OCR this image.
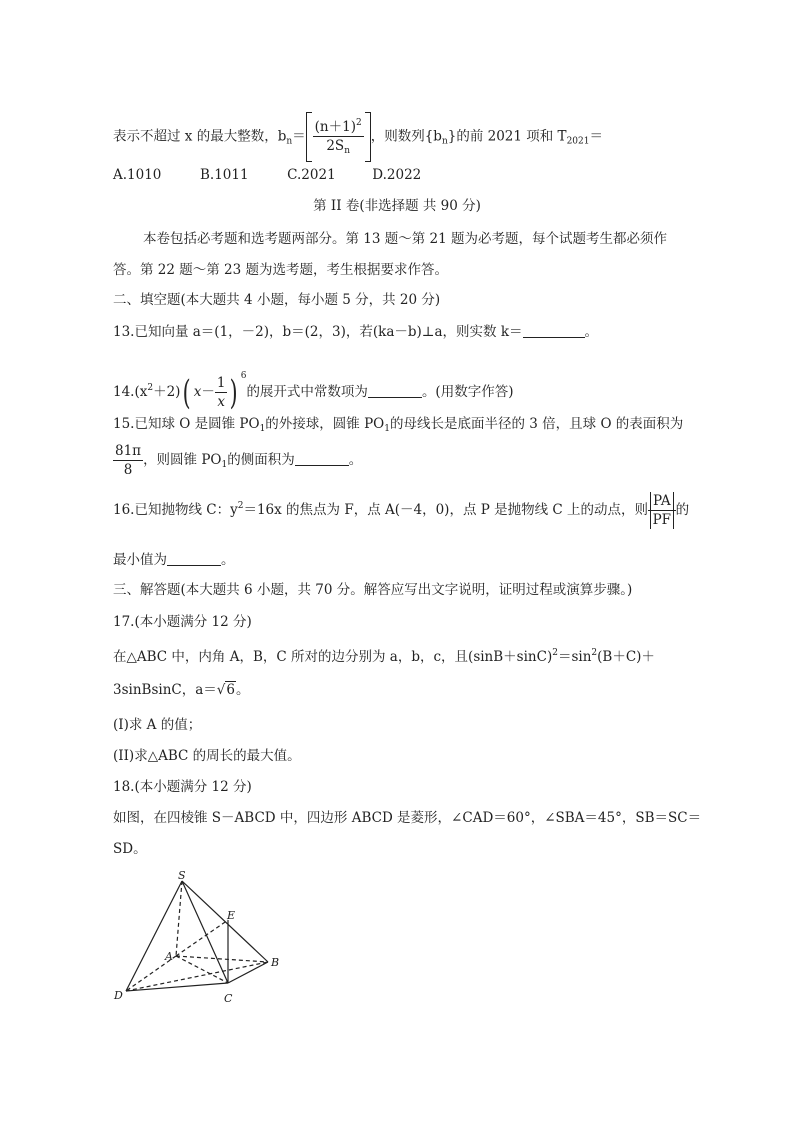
表示不超过 x 的最大整数，$b_n= \frac{(n+1)^2}{2S_n}$ ，则数列$\{b_n\}$的前 2021 项和 $T_{2021}=$
A.1010	B.1011	C.2021	D.2022
第 II 卷(非选择题 共 90 分)
本卷包括必考题和选考题两部分。第 13 题～第 21 题为必考题，每个试题考生都必须作
答。第 22 题～第 23 题为选考题，考生根据要求作答。
二、填空题(本大题共 4 小题，每小题 5 分，共 20 分)
13.已知向量 a＝(1，－2)，b＝(2，3)，若(ka－b)⊥a，则实数 k＝	。
$14.(x^2+2)$( $x- \frac{1}{x}$ ) $^6$的展开式中常数项为	。(用数字作答)
15.已知球 O 是圆锥 $PO_1$的外接球，圆锥 $PO_1$的母线长是底面半径的 3 倍，且球 O 的表面积为
$\frac{81\pi}{8}$ ，则圆锥 $PO_1$的侧面积为	。
16.已知抛物线 C：$y^2=16x$ 的焦点为 F，点 A(－4，0)，点 P 是抛物线 C 上的动点，则 $\frac{PA}{PF}$ 的
最小值为	。
三、解答题(本大题共 6 小题，共 70 分。解答应写出文字说明，证明过程或演算步骤。)
17.(本小题满分 12 分)
在△ABC 中，内角 A，B，C 所对的边分别为 a，b，c，且$(\sin B+\sin C)^2=\sin^2(B+C)+$
3sinBsinC，a＝√6。
(I)求 A 的值；
(II)求△ABC 的周长的最大值。
18.(本小题满分 12 分)
如图，在四棱锥 S－ABCD 中，四边形 ABCD 是菱形，∠CAD＝60°，∠SBA＝45°，SB＝SC＝
SD。
S
E
A	B
C
D
